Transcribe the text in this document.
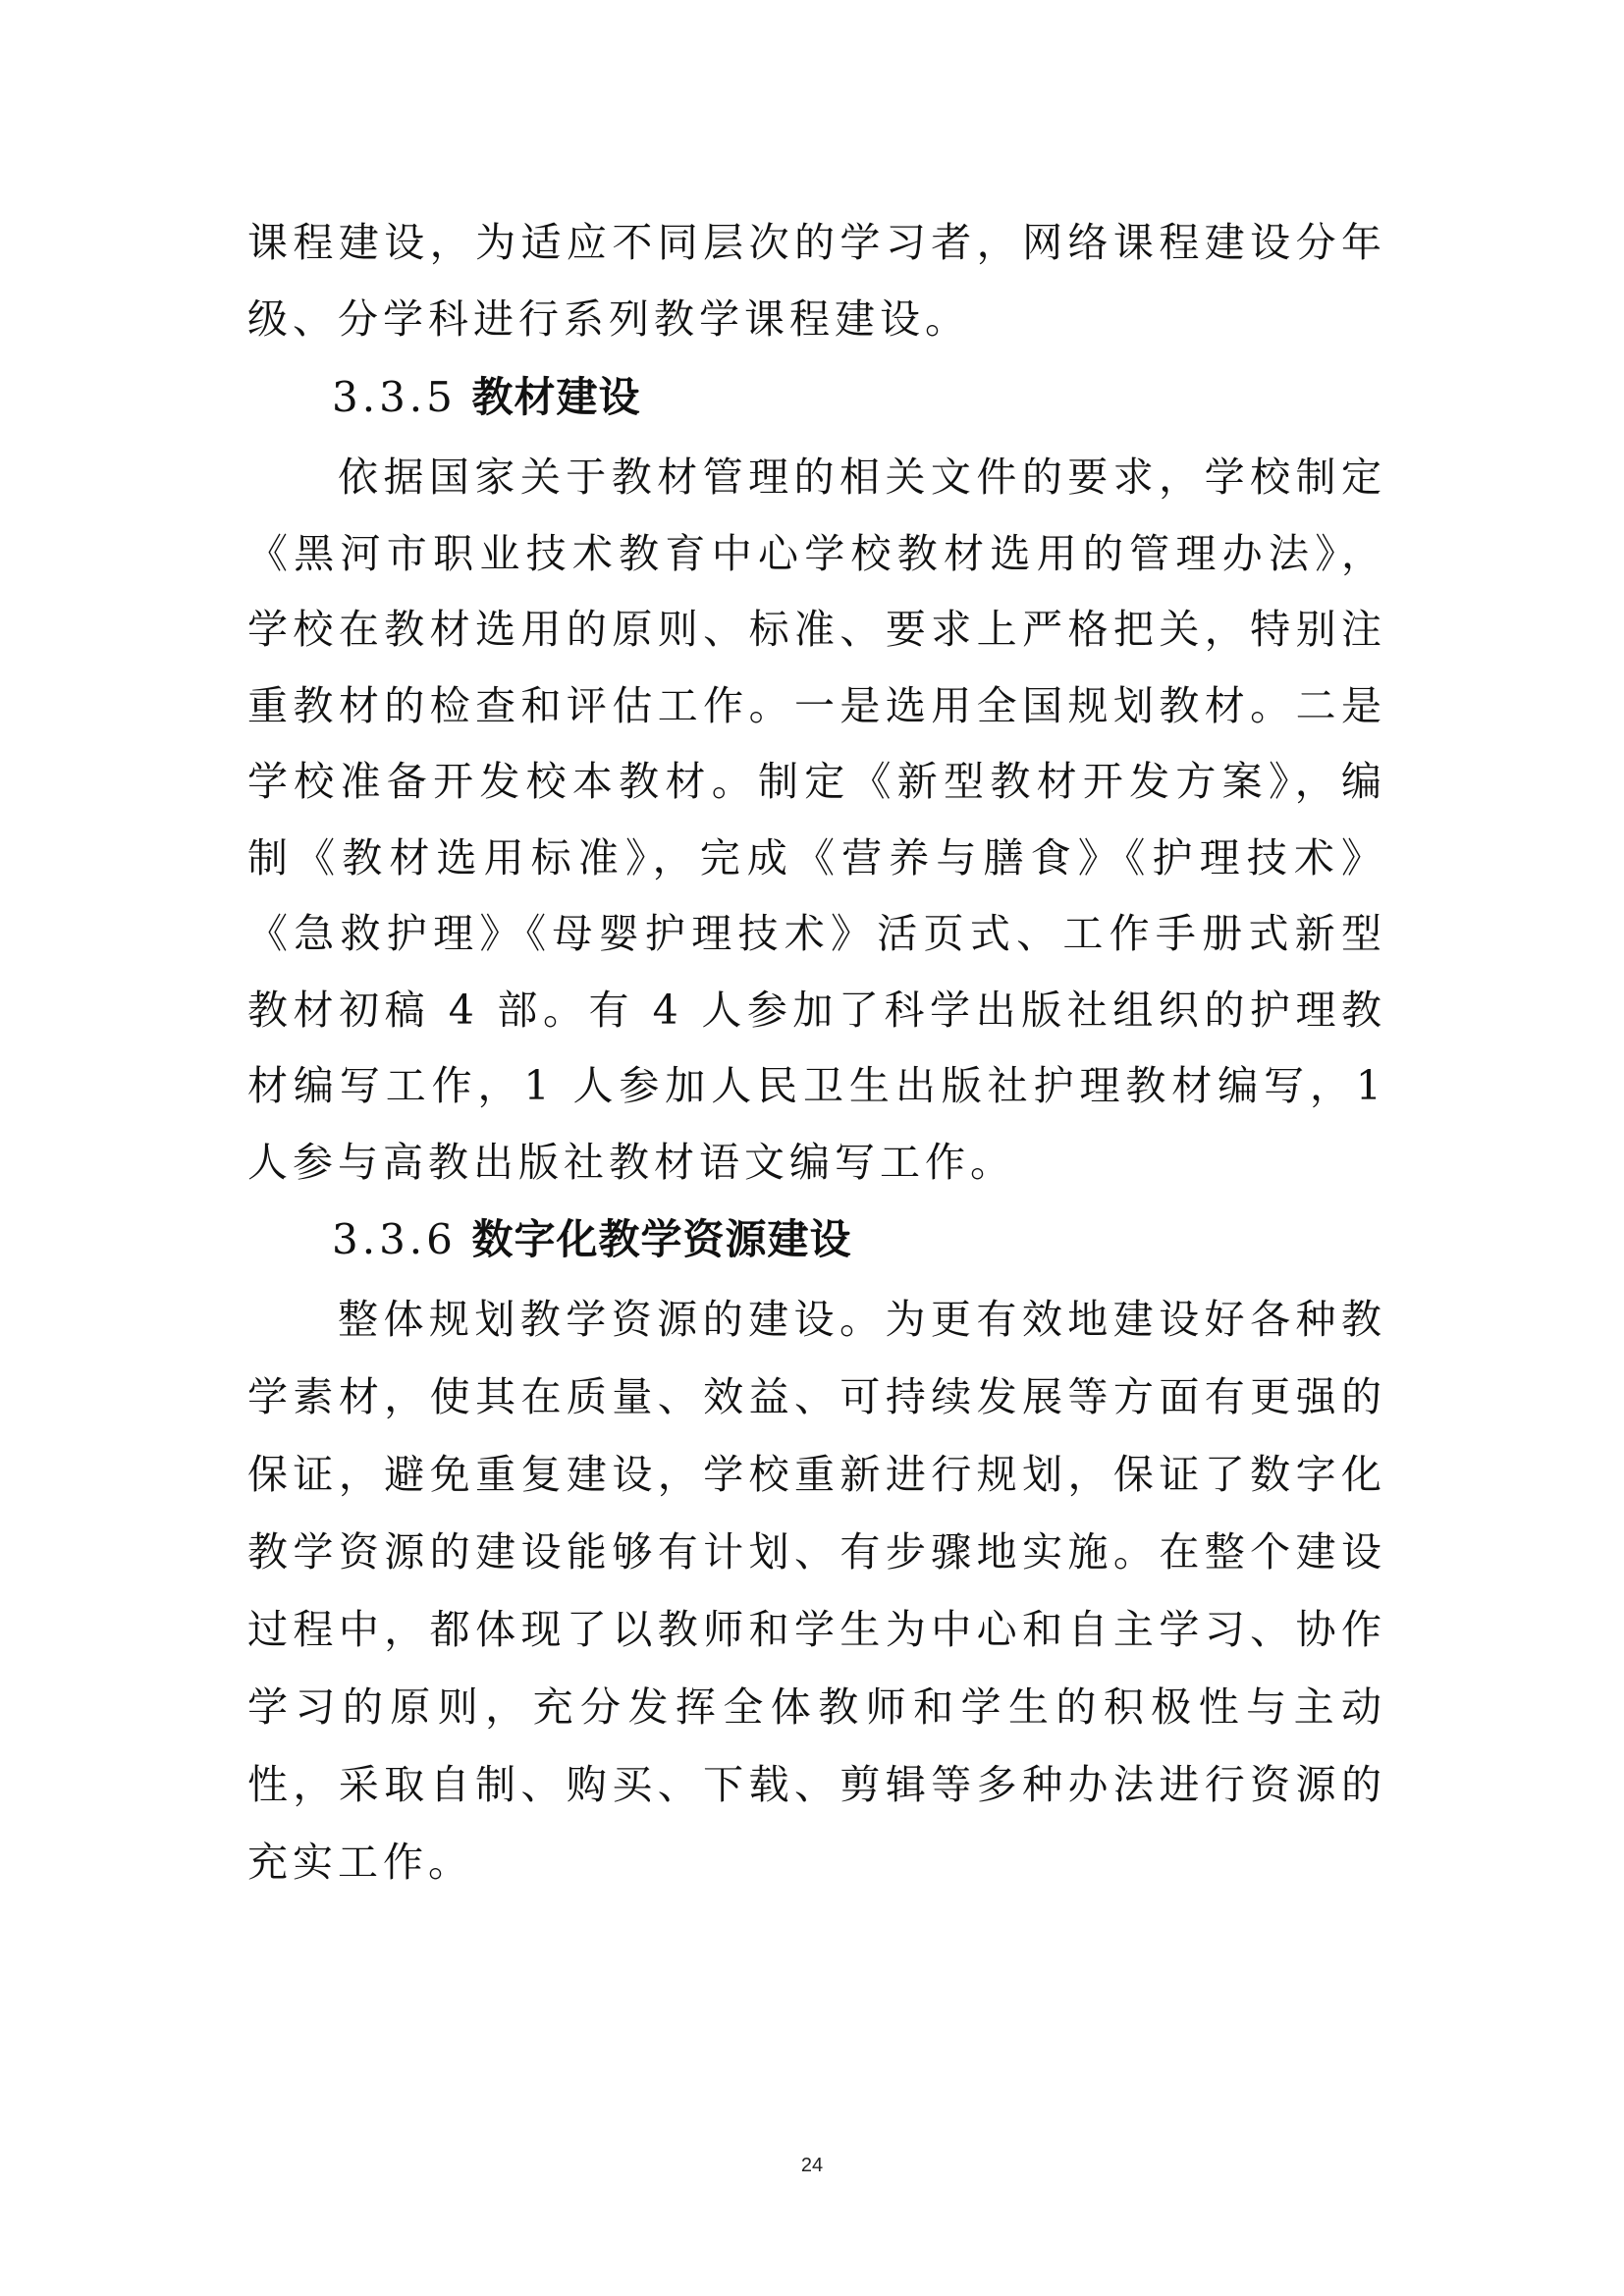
课程建设，为适应不同层次的学习者，网络课程建设分年级、分学科进行系列教学课程建设。

3.3.5 教材建设

依据国家关于教材管理的相关文件的要求，学校制定《黑河市职业技术教育中心学校教材选用的管理办法》，学校在教材选用的原则、标准、要求上严格把关，特别注重教材的检查和评估工作。一是选用全国规划教材。二是学校准备开发校本教材。制定《新型教材开发方案》，编制《教材选用标准》，完成《营养与膳食》《护理技术》《急救护理》《母婴护理技术》活页式、工作手册式新型教材初稿 4 部。有 4 人参加了科学出版社组织的护理教材编写工作，1 人参加人民卫生出版社护理教材编写，1 人参与高教出版社教材语文编写工作。

3.3.6 数字化教学资源建设

整体规划教学资源的建设。为更有效地建设好各种教学素材，使其在质量、效益、可持续发展等方面有更强的保证，避免重复建设，学校重新进行规划，保证了数字化教学资源的建设能够有计划、有步骤地实施。在整个建设过程中，都体现了以教师和学生为中心和自主学习、协作学习的原则，充分发挥全体教师和学生的积极性与主动性，采取自制、购买、下载、剪辑等多种办法进行资源的充实工作。

24
